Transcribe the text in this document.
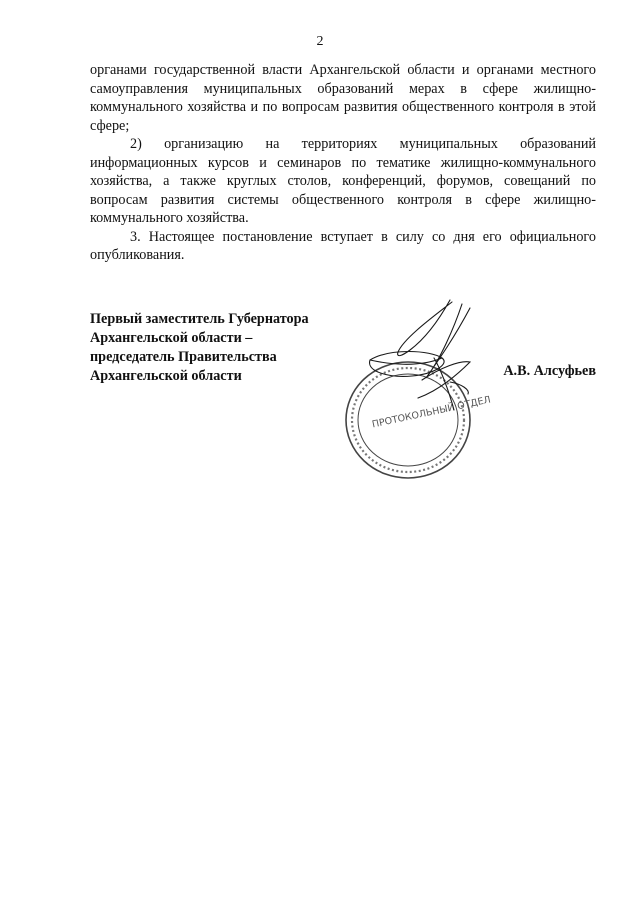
2

органами государственной власти Архангельской области и органами местного самоуправления муниципальных образований мерах в сфере жилищно-коммунального хозяйства и по вопросам развития общественного контроля в этой сфере;

2) организацию на территориях муниципальных образований информационных курсов и семинаров по тематике жилищно-коммунального хозяйства, а также круглых столов, конференций, форумов, совещаний по вопросам развития системы общественного контроля в сфере жилищно-коммунального хозяйства.

3. Настоящее постановление вступает в силу со дня его официального опубликования.

Первый заместитель Губернатора
Архангельской области –
председатель Правительства
Архангельской области
ПРОТОКОЛЬНЫЙ ОТДЕЛ
А.В. Алсуфьев
